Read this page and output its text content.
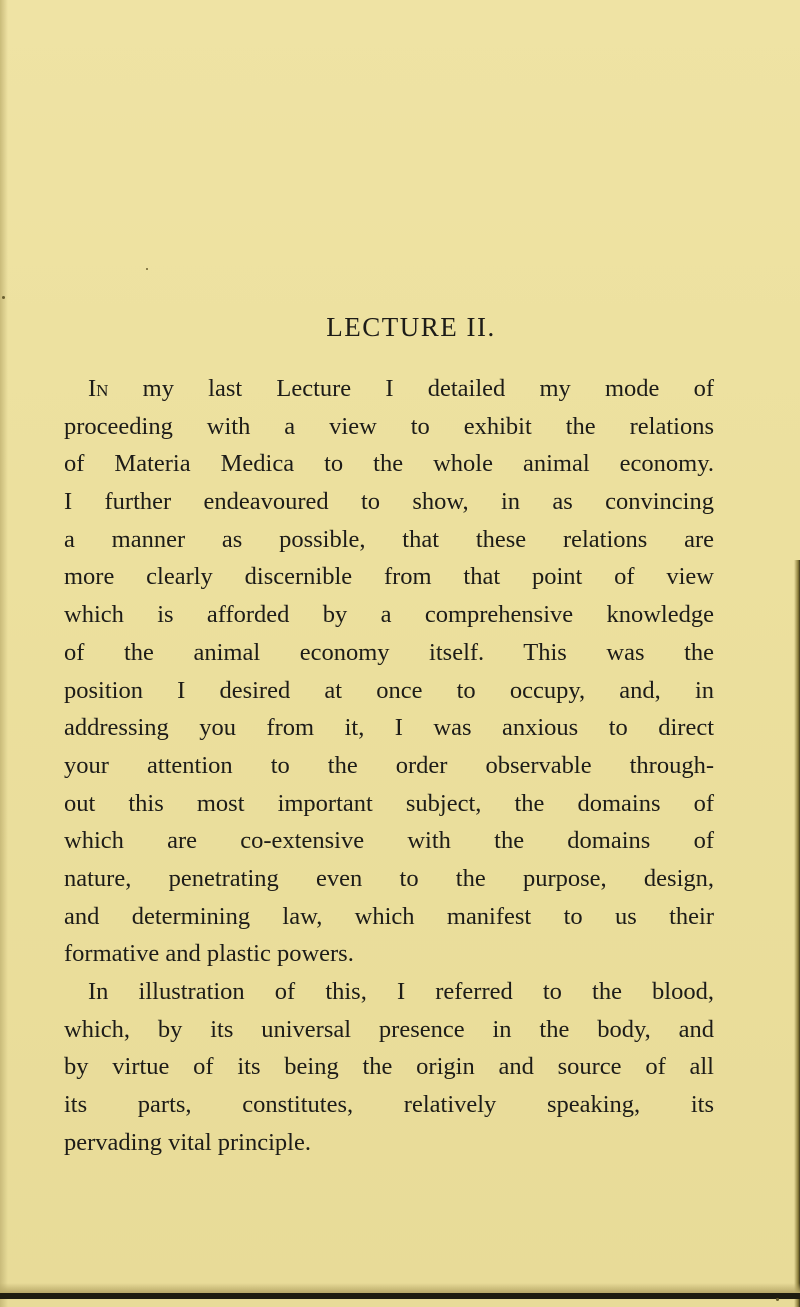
LECTURE II.
In my last Lecture I detailed my mode of
proceeding with a view to exhibit the relations
of Materia Medica to the whole animal economy.
I further endeavoured to show, in as convincing
a manner as possible, that these relations are
more clearly discernible from that point of view
which is afforded by a comprehensive knowledge
of the animal economy itself. This was the
position I desired at once to occupy, and, in
addressing you from it, I was anxious to direct
your attention to the order observable through-
out this most important subject, the domains of
which are co-extensive with the domains of
nature, penetrating even to the purpose, design,
and determining law, which manifest to us their
formative and plastic powers.
In illustration of this, I referred to the blood,
which, by its universal presence in the body, and
by virtue of its being the origin and source of all
its parts, constitutes, relatively speaking, its
pervading vital principle.
